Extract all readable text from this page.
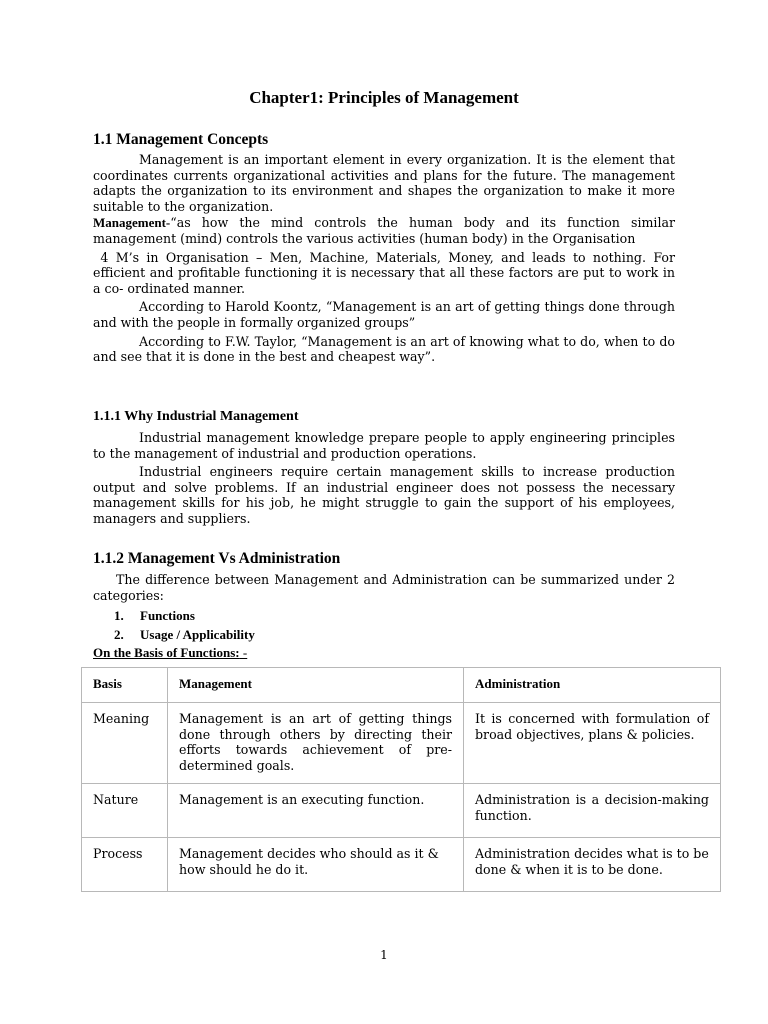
Chapter1: Principles of Management
1.1 Management Concepts

Management is an important element in every organization. It is the element that coordinates currents organizational activities and plans for the future. The management adapts the organization to its environment and shapes the organization to make it more suitable to the organization.

Management-“as how the mind controls the human body and its function similar management (mind) controls the various activities (human body) in the Organisation

4 M’s in Organisation – Men, Machine, Materials, Money, and leads to nothing. For efficient and profitable functioning it is necessary that all these factors are put to work in a co- ordinated manner.

According to Harold Koontz, “Management is an art of getting things done through and with the people in formally organized groups”

According to F.W. Taylor, “Management is an art of knowing what to do, when to do and see that it is done in the best and cheapest way”.

1.1.1 Why Industrial Management

Industrial management knowledge prepare people to apply engineering principles to the management of industrial and production operations.

Industrial engineers require certain management skills to increase production output and solve problems. If an industrial engineer does not possess the necessary management skills for his job, he might struggle to gain the support of his employees, managers and suppliers.

1.1.2 Management Vs Administration

The difference between Management and Administration can be summarized under 2 categories:

1. Functions
2. Usage / Applicability
On the Basis of Functions: -
Basis	Management	Administration
Meaning	Management is an art of getting things done through others by directing their efforts towards achievement of pre-determined goals.	It is concerned with formulation of broad objectives, plans & policies.
Nature	Management is an executing function.	Administration is a decision-making function.
Process	Management decides who should as it & how should he do it.	Administration decides what is to be done & when it is to be done.
1
